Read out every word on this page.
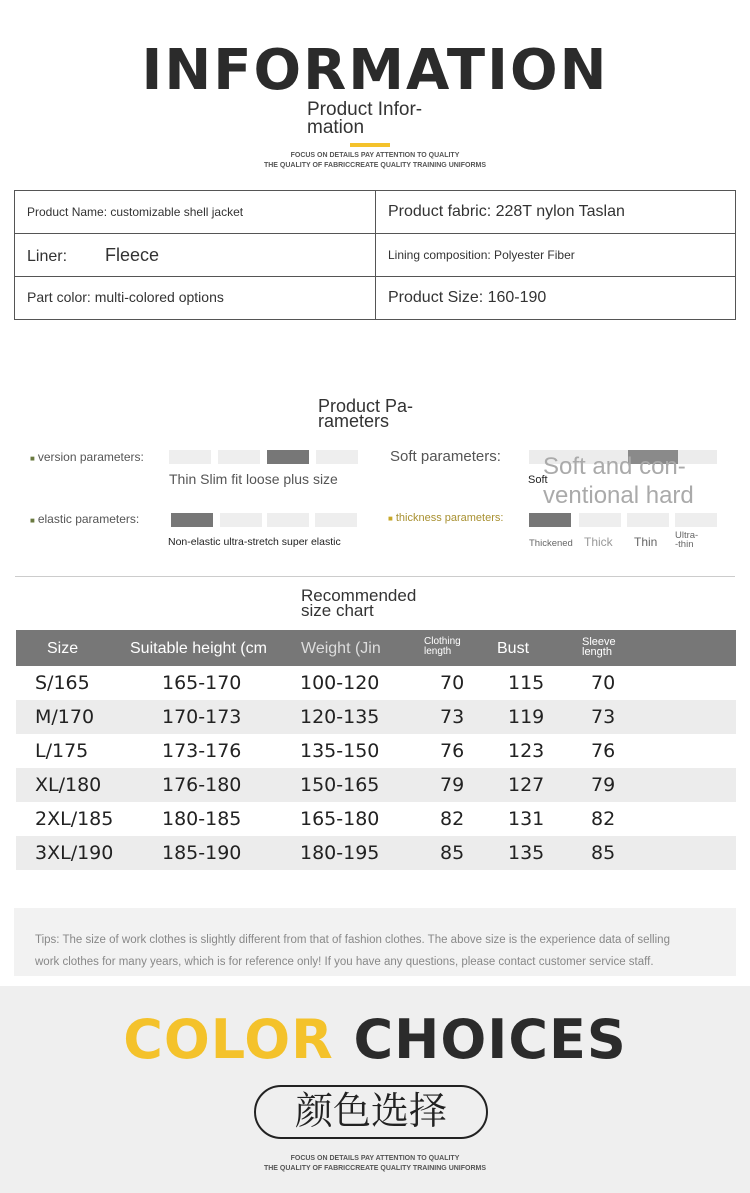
INFORMATION
Product Infor-
mation
FOCUS ON DETAILS PAY ATTENTION TO QUALITY
THE QUALITY OF FABRICCREATE QUALITY TRAINING UNIFORMS
Product Name: customizable shell jacket	Product fabric: 228T nylon Taslan
Liner: Fleece	Lining composition: Polyester Fiber
Part color: multi-colored options	Product Size: 160-190
Product Pa-
rameters
■ version parameters:
Thin Slim fit loose plus size
Soft parameters:
Soft
Soft and con-
ventional hard
■ elastic parameters:
Non-elastic ultra-stretch super elastic
■ thickness parameters:
Thickened Thick Thin Ultra-
-thin
Recommended
size chart
Size	Suitable height (cm Weight (Jin	Clothing
length	Bust	Sleeve
length
S/165	165-170	100-120	70 115 70
M/170	170-173	120-135	73 119 73
L/175	173-176	135-150	76 123 76
XL/180	176-180	150-165	79 127 79
2XL/185	180-185	165-180	82 131 82
3XL/190	185-190	180-195	85 135 85
Tips: The size of work clothes is slightly different from that of fashion clothes. The above size is the experience data of selling
work clothes for many years, which is for reference only! If you have any questions, please contact customer service staff.
COLOR CHOICES
颜色选择
FOCUS ON DETAILS PAY ATTENTION TO QUALITY
THE QUALITY OF FABRICCREATE QUALITY TRAINING UNIFORMS
